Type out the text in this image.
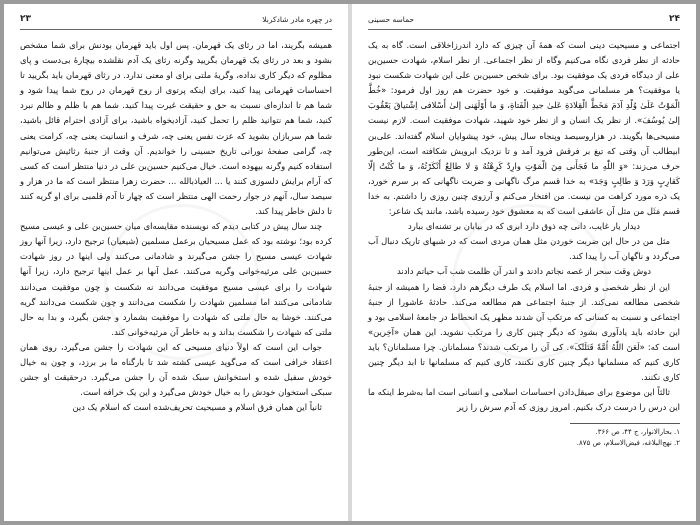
۲۳	در چهره مادر شادکربلا

همیشه بگریند، اما در رثای یک قهرمان. پس اول باید قهرمان بودنش برای شما مشخص بشود و بعد در رثای یک قهرمان بگریید وگرنه رثای یک آدم نقلشده بیچارهٔ بی‌دست و پای مظلوم که دیگر کاری نداده، وگریهٔ ملتی برای او معنی ندارد. در رثای قهرمان باید بگریید تا احساسات قهرمانی پیدا کنید، برای اینکه پرتوی از روح قهرمان در روح شما پیدا شود و شما هم تا اندازه‌ای نسبت به حق و حقیقت غیرت پیدا کنید. شما هم با ظلم و ظالم نبرد کنید، شما هم نتوانید ظلم را تحمل کنید، آزادیخواه باشید، برای آزادی احترام قائل باشید، شما هم سربازان بشوید که عزت نفس یعنی چه، شرف و انسانیت یعنی چه، کرامت یعنی چه، گرامی صفحهٔ نورانی تاریخ حسینی را خواندیم. آن وقت از جنبهٔ رثائیش می‌توانیم استفاده کنیم وگرنه بیهوده است. خیال می‌کنیم حسین‌بن علی در دنیا منتظر است که کسی که آرام برایش دلسوزی کنند یا ... العیاذبالله ... حضرت زهرا منتظر است که ما در هزار و سیصد سال، آنهم در جوار رحمت الهی منتظر است که چهار تا آدم قلمبی برای او گریه کنند تا دلش خاطر پیدا کند.

چند سال پیش در کتابی دیدم که نویسنده مقایسه‌ای میان حسین‌بن علی و عیسی مسیح کرده بود؛ نوشته بود که عمل مسیحیان برعمل مسلمین (شیعیان) ترجیح دارد، زیرا آنها روز شهادت عیسی مسیح را جشن می‌گیرند و شادمانی می‌کنند ولی اینها در روز شهادت حسین‌بن علی مرثیه‌خوانی وگریه می‌کنند. عمل آنها بر عمل اینها ترجیح دارد، زیرا آنها شهادت را برای عیسی مسیح موفقیت می‌دانند نه شکست و چون موفقیت می‌دانند شادمانی می‌کنند اما مسلمین شهادت را شکست می‌دانند و چون شکست می‌دانند گریه می‌کنند. خوشا به حال ملتی که شهادت را موفقیت بشمارد و جشن بگیرد، و بدا به حال ملتی که شهادت را شکست بداند و به خاطر آن مرثیه‌خوانی کند.

جواب این است که اولاً دنیای مسیحی که این شهادت را جشن می‌گیرد، روی همان اعتقاد خرافی است که می‌گوید عیسی کشته شد تا بارگناه ما بر برزد، و چون به خیال خودش سفیل شده و استخوانش سبک شده آن را جشن می‌گیرد. درحقیقت او جشن سبکی استخوان خودش را به خیال خودش می‌گیرد و این یک خرافه است.

ثانیاً این همان فرق اسلام و مسیحیت تحریف‌شده است که اسلام یک دین

حماسه حسینی	۲۴

اجتماعی و مسیحیت دینی است که همهٔ آن چیزی که دارد اندرزاخلاقی است. گاه به یک حادثه از نظر فردی نگاه می‌کنیم وگاه از نظر اجتماعی. از نظر اسلام، شهادت حسین‌بن علی از دیدگاه فردی یک موفقیت بود. برای شخص حسین‌بن علی این شهادت شکست نبود یا موفقیت؟ هر مسلمانی می‌گوید موفقیت. و خود حضرت هم روز اول فرمود: «خُطَّ الْمَوْتُ عَلَیٰ وُلْدِ آدَمَ مَخَطَّ الْقِلادَةِ عَلیٰ جیدِ الْفَتاةِ، وَ ما أَوْلَهَنی إلیٰ أَسْلافی اِشْتیاقَ یَعْقُوبَ إلیٰ یُوسُفَ». از نظر یک انسان و از نظر خود شهید، شهادت موفقیت است. لازم نیست مسیحی‌ها بگویند. در هزاروسیصد وپنجاه سال پیش، خود پیشوایان اسلام گفته‌اند. علی‌بن ابیطالب آن وقتی که تیغ بر فرقش فرود آمد و تا نزدیک ابرویش شکافته است، این‌طور حرف می‌زند: «وَ اللّٰهِ ما فَجَأَنی مِنَ الْمَوْتِ وارِدٌ کَرِهْتُهُ وَ لا طالِعٌ أَنْکَرْتُهُ، وَ ما کُنْتُ إلّا کَقارِبٍ وَرَدَ وَ طالِبٍ وَجَدَ» به خدا قسم مرگ ناگهانی و ضربت ناگهانی که بر سرم خورد، یک ذره مورد کراهت من نیست. من افتخار می‌کنم و آرزوی چنین روزی را داشتم. به خدا قسم مَثَل من مثل آن عاشقی است که به معشوق خود رسیده باشد، مانند یک شاعر:

دیدار یار غایب، دانی چه ذوق دارد ابری که در بیابان بر تشنه‌ای ببارد

مثل من در حال این ضربت خوردن مثل همان مردی است که در شبهای تاریک دنبال آب می‌گردد و ناگهان آب را پیدا کند.

دوش وقت سحر از غصه نجاتم دادند و اندر آن ظلمت شب آب حیاتم دادند

این از نظر شخصی و فردی. اما اسلام یک طرف دیگرهم دارد، قضا را همیشه از جنبهٔ شخصی مطالعه نمی‌کند. از جنبهٔ اجتماعی هم مطالعه می‌کند. حادثهٔ عاشورا از جنبهٔ اجتماعی و نسبت به کسانی که مرتکب آن شدند مظهر یک انحطاط در جامعهٔ اسلامی بود و این حادثه باید یادآوری بشود که دیگر چنین کاری را مرتکب نشوید. این همان «آخِرین» است که: «لَعَنَ اللّٰهُ اُمَّةً قَتَلَتْکَ». کی آن را مرتکب شدند؟ مسلمانان. چرا مسلمانان؟ باید کاری کنیم که مسلمانها دیگر چنین کاری نکنند، کاری کنیم که مسلمانها تا ابد دیگر چنین کاری نکنند.

ثالثاً این موضوع برای صیقل‌دادن احساسات اسلامی و انسانی است اما به‌شرط اینکه ما این درس را درست درک بکنیم. امروز روزی که آدم سرش را زیر

۱. بحارالانوار، ج ۴۴، ص ۳۶۶.
۲. نهج‌البلاغه، فیض‌الاسلام، ص ۸۷۵.
